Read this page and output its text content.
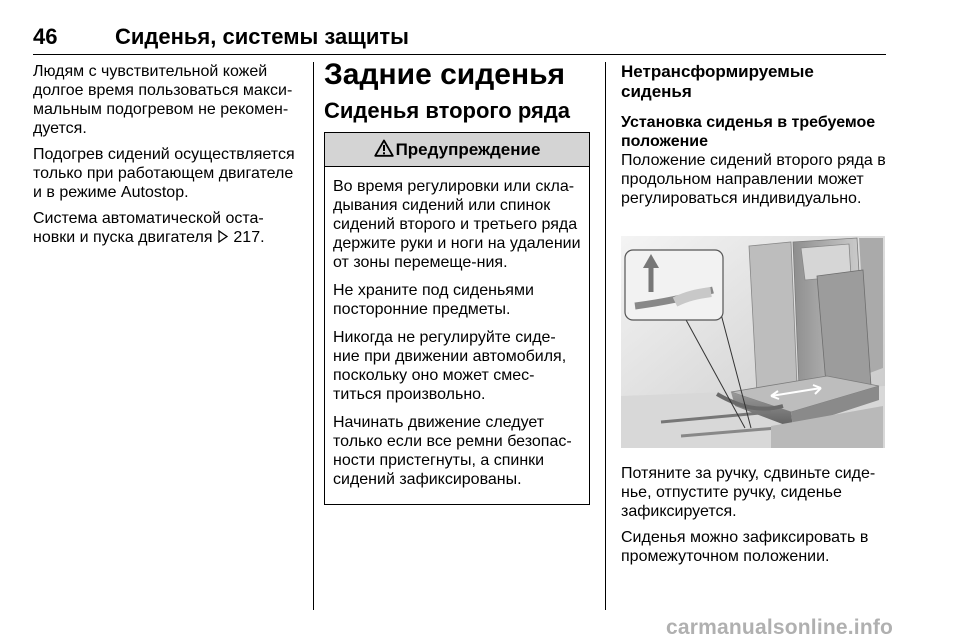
46	Сиденья, системы защиты

Людям с чувствительной кожей долгое время пользоваться макси-мальным подогревом не рекомен-дуется.

Подогрев сидений осуществляется только при работающем двигателе и в режиме Autostop.

Система автоматической оста-новки и пуска двигателя 217.

Задние сиденья
Сиденья второго ряда
Предупреждение

Во время регулировки или скла-дывания сидений или спинок сидений второго и третьего ряда держите руки и ноги на удалении от зоны перемеще-ния.

Не храните под сиденьями посторонние предметы.

Никогда не регулируйте сиде-ние при движении автомобиля, поскольку оно может смес-титься произвольно.

Начинать движение следует только если все ремни безопас-ности пристегнуты, а спинки сидений зафиксированы.

Нетрансформируемые сиденья
Установка сиденья в требуемое положение

Положение сидений второго ряда в продольном направлении может регулироваться индивидуально.

Потяните за ручку, сдвиньте сиде-нье, отпустите ручку, сиденье зафиксируется.

Сиденья можно зафиксировать в промежуточном положении.

carmanualsonline.info
